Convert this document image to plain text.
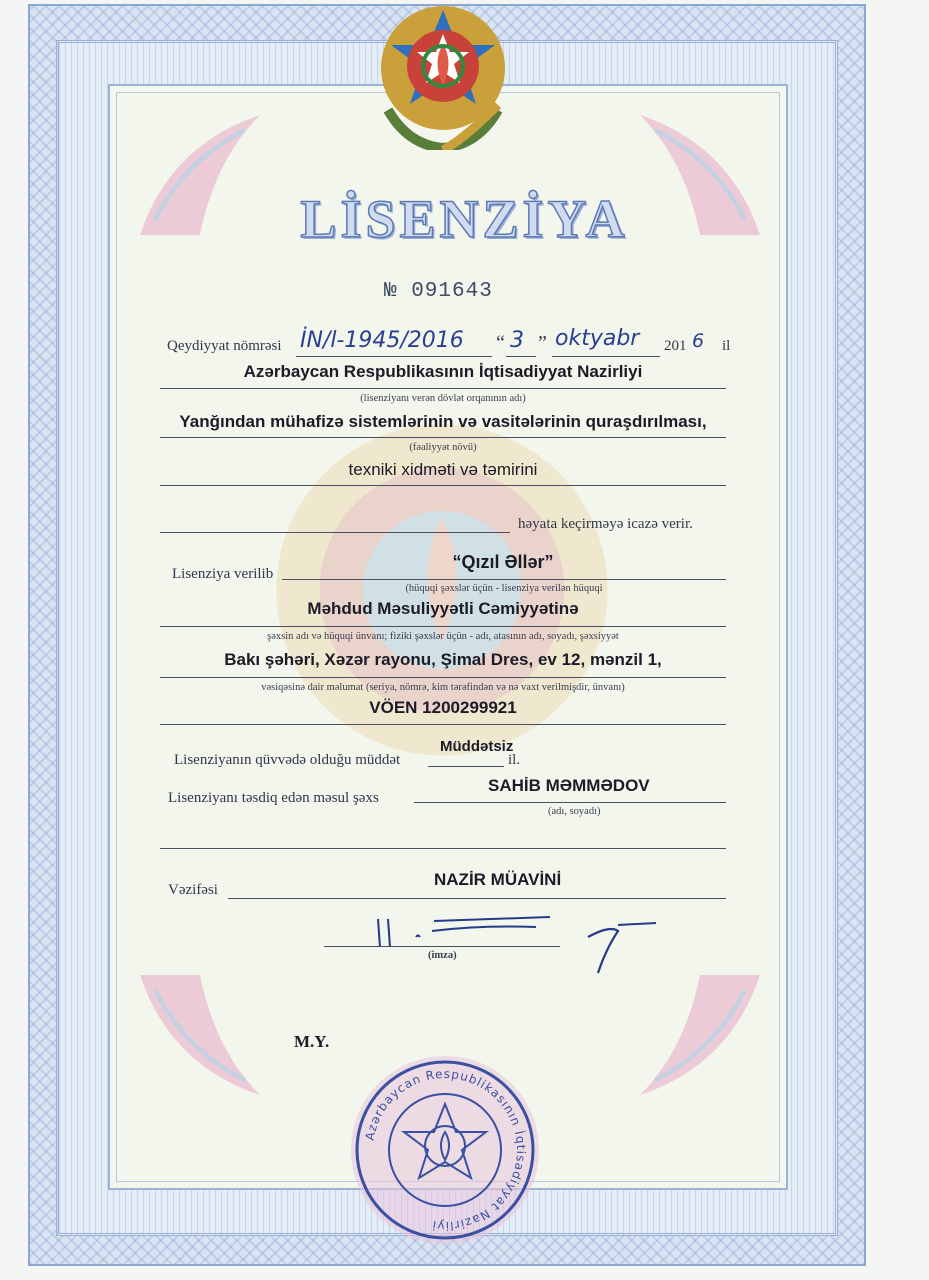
LİSENZİYA
№ 091643
Qeydiyyat nömrəsi İN/l-1945/2016 “ 3 ” oktyabr 201 6 il
Azərbaycan Respublikasının İqtisadiyyat Nazirliyi
(lisenziyanı verən dövlət orqanının adı)
Yanğından mühafizə sistemlərinin və vasitələrinin quraşdırılması,
(fəaliyyət növü)
texniki xidməti və təmirini
həyata keçirməyə icazə verir.
“Qızıl Əllər”
Lisenziya verilib
(hüquqi şəxslər üçün - lisenziya verilən hüquqi
Məhdud Məsuliyyətli Cəmiyyətinə
şəxsin adı və hüquqi ünvanı; fiziki şəxslər üçün - adı, atasının adı, soyadı, şəxsiyyət
Bakı şəhəri, Xəzər rayonu, Şimal Dres, ev 12, mənzil 1,
vəsiqəsinə dair məlumat (seriya, nömrə, kim tərəfindən və nə vaxt verilmişdir, ünvanı)
VÖEN 1200299921
Müddətsiz
Lisenziyanın qüvvədə olduğu müddət	il.
SAHİB MƏMMƏDOV
Lisenziyanı təsdiq edən məsul şəxs
(adı, soyadı)
NAZİR MÜAVİNİ
Vəzifəsi
(imza)
M.Y.
Azərbaycan Respublikasının İqtisadiyyat Nazirliyi
